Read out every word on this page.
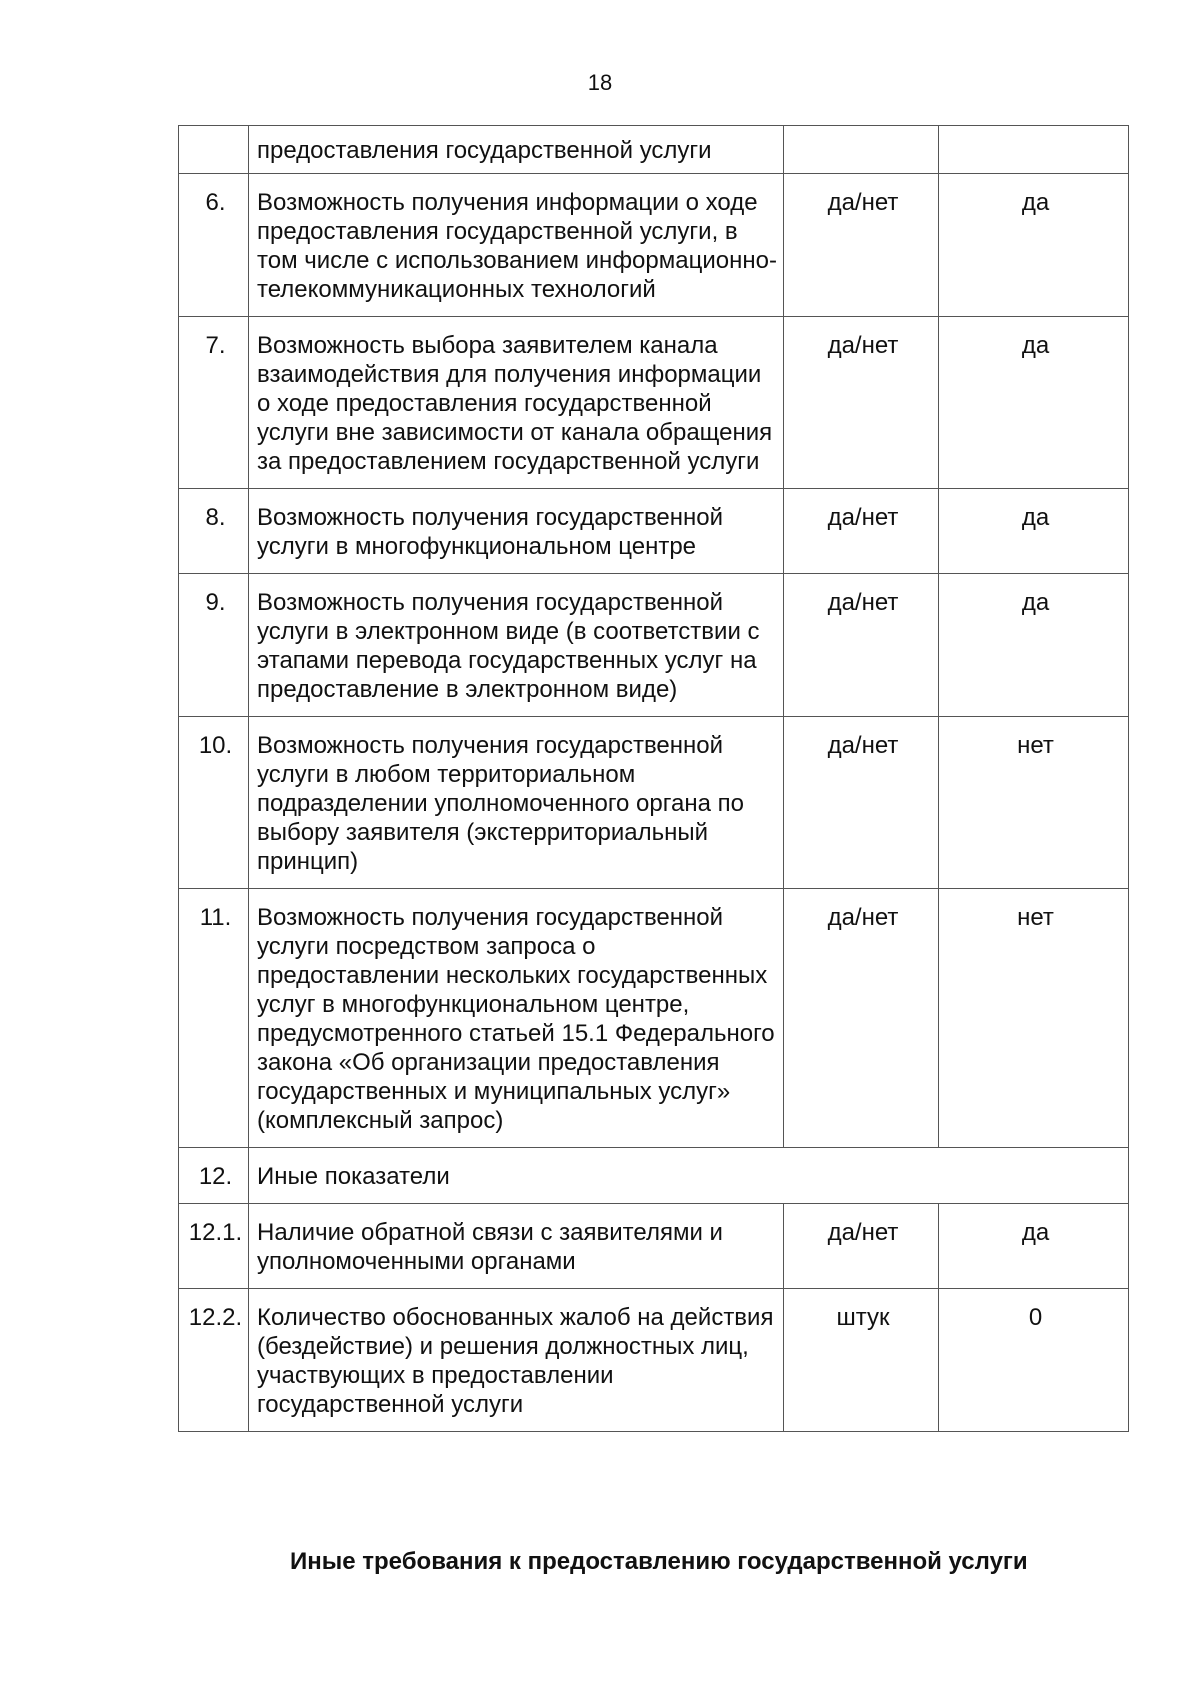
18
	предоставления государственной услуги		
6.	Возможность получения информации о ходе предоставления государственной услуги, в том числе с использованием информационно-телекоммуникационных технологий	да/нет	да
7.	Возможность выбора заявителем канала взаимодействия для получения информации о ходе предоставления государственной услуги вне зависимости от канала обращения за предоставлением государственной услуги	да/нет	да
8.	Возможность получения государственной услуги в многофункциональном центре	да/нет	да
9.	Возможность получения государственной услуги в электронном виде (в соответствии с этапами перевода государственных услуг на предоставление в электронном виде)	да/нет	да
10.	Возможность получения государственной услуги в любом территориальном подразделении уполномоченного органа по выбору заявителя (экстерриториальный принцип)	да/нет	нет
11.	Возможность получения государственной услуги посредством запроса о предоставлении нескольких государственных услуг в многофункциональном центре, предусмотренного статьей 15.1 Федерального закона «Об организации предоставления государственных и муниципальных услуг» (комплексный запрос)	да/нет	нет
12.	Иные показатели		
12.1.	Наличие обратной связи с заявителями и уполномоченными органами	да/нет	да
12.2.	Количество обоснованных жалоб на действия (бездействие) и решения должностных лиц, участвующих в предоставлении государственной услуги	штук	0
Иные требования к предоставлению государственной услуги
